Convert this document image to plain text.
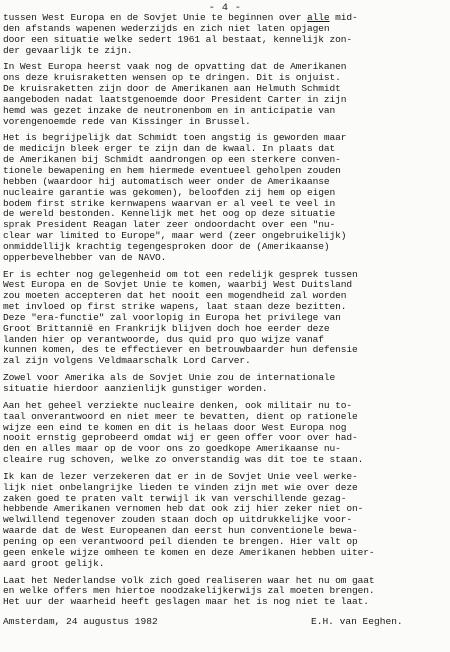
- 4 -
tussen West Europa en de Sovjet Unie te beginnen over alle mid-
den afstands wapenen wederzijds en zich niet laten opjagen
door een situatie welke sedert 1961 al bestaat, kennelijk zon-
der gevaarlijk te zijn.
In West Europa heerst vaak nog de opvatting dat de Amerikanen
ons deze kruisraketten wensen op te dringen. Dit is onjuist.
De kruisraketten zijn door de Amerikanen aan Helmuth Schmidt
aangeboden nadat laatstgenoemde door President Carter in zijn
hemd was gezet inzake de neutronenbom en in anticipatie van
vorengenoemde rede van Kissinger in Brussel.
Het is begrijpelijk dat Schmidt toen angstig is geworden maar
de medicijn blееk erger te zijn dan de kwaal. In plaats dat
de Amerikanen bij Schmidt aandrongen op een sterkere conven-
tionele bewapening en hem hiermede eventueel geholpen zouden
hebben (waardoor hij automatisch weer onder de Amerikaanse
nucleaire garantie was gekomen), beloofden zij hem op eigen
bodem first strike kernwapens waarvan er al veel te veel in
de wereld bestonden. Kennelijk met het oog op deze situatie
sprak President Reagan later zeer ondoordacht over een "nu-
clear war limited to Europe", maar werd (zeer ongebruikelijk)
onmiddellijk krachtig tegengesproken door de (Amerikaanse)
opperbevelhebber van de NAVO.
Er is echter nog gelegenheid om tot een redelijk gesprek tussen
West Europa en de Sovjet Unie te komen, waarbij West Duitsland
zou moeten accepteren dat het nooit een mogendheid zal worden
met invloed op first strike wapens, laat staan deze bezitten.
Deze "era-functie" zal voorlopig in Europa het privilege van
Groot Brittanniё en Frankrijk blijven doch hoe eerder deze
landen hier op verantwoorde, dus quid pro quo wijze vanaf
kunnen komen, des te effectiever en betrouwbaarder hun defensie
zal zijn volgens Veldmaarschalk Lord Carver.
Zowel voor Amerika als de Sovjet Unie zou de internationale
situatie hierdoor aanzienlijk gunstiger worden.
Aan het geheel verziekte nucleaire denken, ook militair nu to-
taal onverantwoord en niet meer te bevatten, dient op rationele
wijze een eind te komen en dit is helaas door West Europa nog
nooit ernstig geprobeerd omdat wij er geen offer voor over had-
den en alles maar op de voor ons zo goedkope Amerikaanse nu-
cleaire rug schoven, welke zo onverstandig was dit toe te staan.
Ik kan de lezer verzekeren dat er in de Sovjet Unie veel werke-
lijk niet onbelangrijke lieden te vinden zijn met wie over deze
zaken goed te praten valt terwijl ik van verschillende gezag-
hebbende Amerikanen vernomen heb dat ook zij hier zeker niet on-
welwillend tegenover zouden staan doch op uitdrukkelijke voor-
waarde dat de West Europeanen dan eerst hun conventionele bewa-
pening op een verantwoord peil dienden te brengen. Hier valt op
geen enkele wijze omheen te komen en deze Amerikanen hebben uiter-
aard groot gelijk.
Laat het Nederlandse volk zich goed realiseren waar het nu om gaat
en welke offers men hiertoe noodzakelijkerwijs zal moeten brengen.
Het uur der waarheid heeft geslagen maar het is nog niet te laat.
Amsterdam, 24 augustus 1982	E.H. van Eeghen.
